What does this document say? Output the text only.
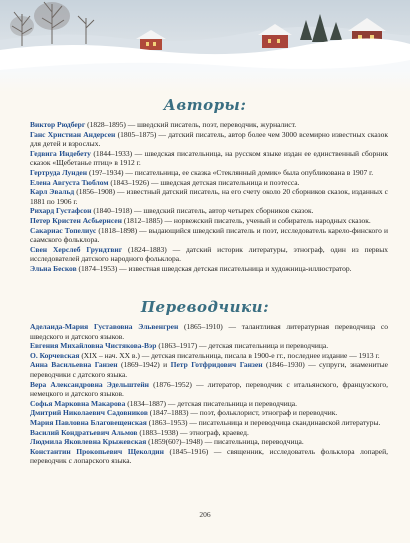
Авторы:

Виктор Рюдберг (1828–1895) — шведский писатель, поэт, переводчик, журналист.

Ганс Христиан Андерсен (1805–1875) — датский писатель, автор более чем 3000 всемирно известных сказок для детей и взрослых.

Гедвига Индебету (1844–1933) — шведская писательница, на русском языке издан ее единственный сборник сказок «Щебетанье птиц» в 1912 г.

Гертруда Лунден (19?–1934) — писательница, ее сказка «Стеклянный домик» была опубликована в 1907 г.

Елена Августа Тюблом (1843–1926) — шведская детская писательница и поэтесса.

Карл Эвальд (1856–1908) — известный датский писатель, на его счету около 20 сборников сказок, изданных с 1881 по 1906 г.

Рихард Густафсон (1840–1918) — шведский писатель, автор четырех сборников сказок.

Петер Кристен Асбьернсен (1812–1885) — норвежский писатель, ученый и собиратель народных сказок.

Сакариас Топелиус (1818–1898) — выдающийся шведский писатель и поэт, исследователь карело-финского и саамского фольклора.

Свен Херслеб Грундтвиг (1824–1883) — датский историк литературы, этнограф, один из первых исследователей датского народного фольклора.

Эльна Бесков (1874–1953) — известная шведская детская писательница и художница-иллюстратор.

Переводчики:

Аделаида-Мария Густавовна Эльвенгрен (1865–1910) — талантливая литературная переводчица со шведского и датского языков.

Евгения Михайловна Чистякова-Вэр (1863–1917) — детская писательница и переводчица.

О. Корчевская (XIX – нач. XX в.) — детская писательница, писала в 1900-е гг., последнее издание — 1913 г.

Анна Васильевна Ганзен (1869–1942) и Петр Готфридович Ганзен (1846–1930) — супруги, знаменитые переводчики с датского языка.

Вера Александровна Эдельштейн (1876–1952) — литератор, переводчик с итальянского, французского, немецкого и датского языков.

Софья Марковна Макарова (1834–1887) — детская писательница и переводчица.

Дмитрий Николаевич Садовников (1847–1883) — поэт, фольклорист, этнограф и переводчик.

Мария Павловна Благовещенская (1863–1953) — писательница и переводчица скандинавской литературы.

Василий Кондратьевич Альмов (1883–1938) — этнограф, краевед.

Людмила Яковлевна Крыжевская (1859(60?)–1948) — писательница, переводчица.

Константин Прокопьевич Щеколдин (1845–1916) — священник, исследователь фольклора лопарей, переводчик с лопарского языка.

206
